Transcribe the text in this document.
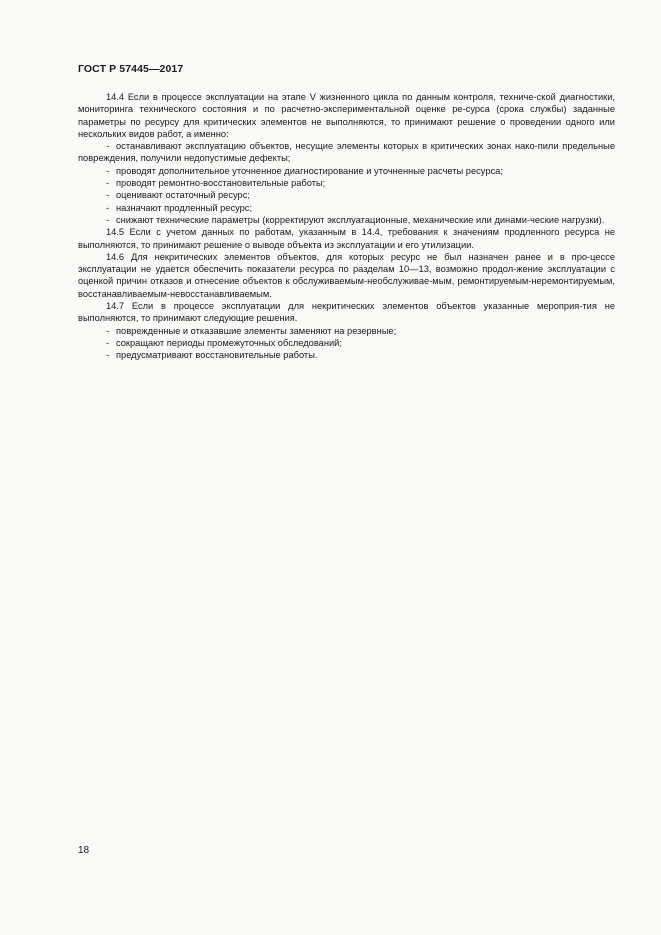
ГОСТ Р 57445—2017

14.4 Если в процессе эксплуатации на этапе V жизненного цикла по данным контроля, техниче-ской диагностики, мониторинга технического состояния и по расчетно-экспериментальной оценке ре-сурса (срока службы) заданные параметры по ресурсу для критических элементов не выполняются, то принимают решение о проведении одного или нескольких видов работ, а именно:

- останавливают эксплуатацию объектов, несущие элементы которых в критических зонах нако-пили предельные повреждения, получили недопустимые дефекты;

- проводят дополнительное уточненное диагностирование и уточненные расчеты ресурса;

- проводят ремонтно-восстановительные работы;

- оценивают остаточный ресурс;

- назначают продленный ресурс;

- снижают технические параметры (корректируют эксплуатационные, механические или динами-ческие нагрузки).

14.5 Если с учетом данных по работам, указанным в 14.4, требования к значениям продленного ресурса не выполняются, то принимают решение о выводе объекта из эксплуатации и его утилизации.

14.6 Для некритических элементов объектов, для которых ресурс не был назначен ранее и в про-цессе эксплуатации не удается обеспечить показатели ресурса по разделам 10—13, возможно продол-жение эксплуатации с оценкой причин отказов и отнесение объектов к обслуживаемым-необслуживае-мым, ремонтируемым-неремонтируемым, восстанавливаемым-невосстанавливаемым.

14.7 Если в процессе эксплуатации для некритических элементов объектов указанные мероприя-тия не выполняются, то принимают следующие решения.

- поврежденные и отказавшие элементы заменяют на резервные;

- сокращают периоды промежуточных обследований;

- предусматривают восстановительные работы.

18
